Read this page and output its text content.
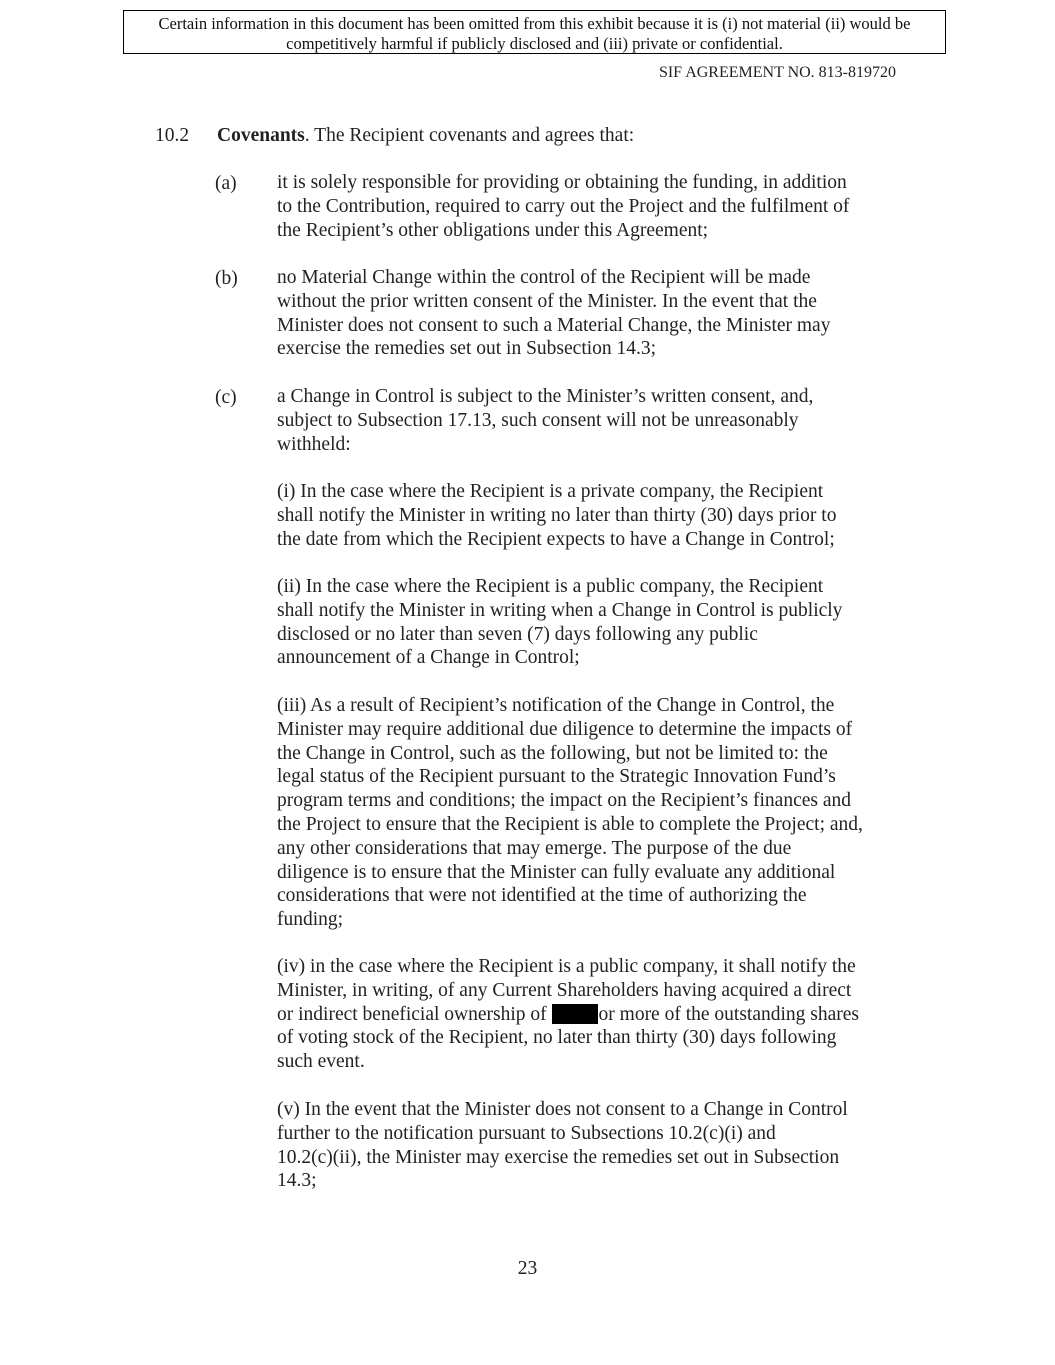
Certain information in this document has been omitted from this exhibit because it is (i) not material (ii) would be
competitively harmful if publicly disclosed and (iii) private or confidential.
SIF AGREEMENT NO. 813-819720
10.2 Covenants. The Recipient covenants and agrees that:
(a) it is solely responsible for providing or obtaining the funding, in addition
to the Contribution, required to carry out the Project and the fulfilment of
the Recipient’s other obligations under this Agreement;
(b) no Material Change within the control of the Recipient will be made
without the prior written consent of the Minister. In the event that the
Minister does not consent to such a Material Change, the Minister may
exercise the remedies set out in Subsection 14.3;
(c) a Change in Control is subject to the Minister’s written consent, and,
subject to Subsection 17.13, such consent will not be unreasonably
withheld:
(i) In the case where the Recipient is a private company, the Recipient
shall notify the Minister in writing no later than thirty (30) days prior to
the date from which the Recipient expects to have a Change in Control;
(ii) In the case where the Recipient is a public company, the Recipient
shall notify the Minister in writing when a Change in Control is publicly
disclosed or no later than seven (7) days following any public
announcement of a Change in Control;
(iii) As a result of Recipient’s notification of the Change in Control, the
Minister may require additional due diligence to determine the impacts of
the Change in Control, such as the following, but not be limited to: the
legal status of the Recipient pursuant to the Strategic Innovation Fund’s
program terms and conditions; the impact on the Recipient’s finances and
the Project to ensure that the Recipient is able to complete the Project; and,
any other considerations that may emerge. The purpose of the due
diligence is to ensure that the Minister can fully evaluate any additional
considerations that were not identified at the time of authorizing the
funding;
(iv) in the case where the Recipient is a public company, it shall notify the
Minister, in writing, of any Current Shareholders having acquired a direct
or indirect beneficial ownership of	or more of the outstanding shares
of voting stock of the Recipient, no later than thirty (30) days following
such event.
(v) In the event that the Minister does not consent to a Change in Control
further to the notification pursuant to Subsections 10.2(c)(i) and
10.2(c)(ii), the Minister may exercise the remedies set out in Subsection
14.3;
23
